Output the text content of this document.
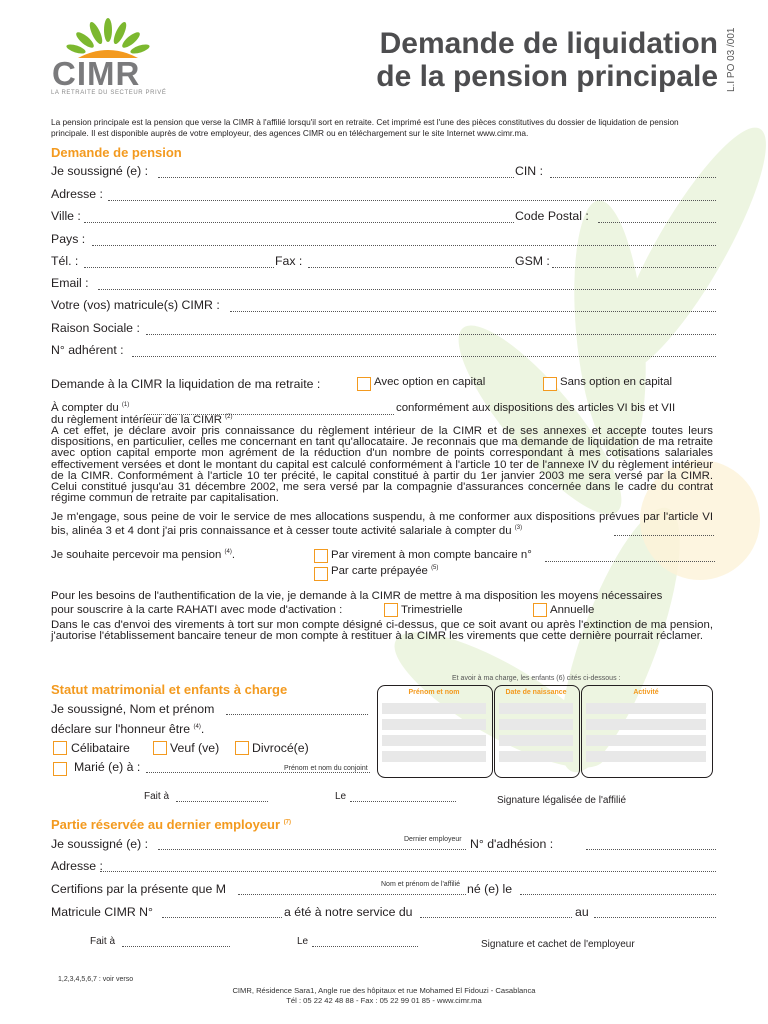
CIMR
LA RETRAITE DU SECTEUR PRIVÉ
Demande de liquidation
de la pension principale L.I PO 03 /001
La pension principale est la pension que verse la CIMR à l'affilié lorsqu'il sort en retraite. Cet imprimé est l'une des pièces constitutives du dossier de liquidation de pension principale. Il est disponible auprès de votre employeur, des agences CIMR ou en téléchargement sur le site Internet www.cimr.ma.
Demande de pension
Je soussigné (e) :	CIN :
Adresse :
Ville :	Code Postal :
Pays :
Tél. :	Fax :	GSM :
Email :
Votre (vos) matricule(s) CIMR :
Raison Sociale :
N° adhérent :
Demande à la CIMR la liquidation de ma retraite :	Avec option en capital	Sans option en capital
À compter du $^{(1)}$	conformément aux dispositions des articles VI bis et VII
du règlement intérieur de la CIMR $^{(2)}$
A cet effet, je déclare avoir pris connaissance du règlement intérieur de la CIMR et de ses annexes et accepte toutes leurs dispositions, en particulier, celles me concernant en tant qu'allocataire. Je reconnais que ma demande de liquidation de ma retraite avec option capital emporte mon agrément de la réduction d'un nombre de points correspondant à mes cotisations salariales effectivement versées et dont le montant du capital est calculé conformément à l'article 10 ter de l'annexe IV du règlement intérieur de la CIMR. Conformément à l'article 10 ter précité, le capital constitué à partir du 1er janvier 2003 me sera versé par la CIMR. Celui constitué jusqu'au 31 décembre 2002, me sera versé par la compagnie d'assurances concernée dans le cadre du contrat régime commun de retraite par capitalisation.
Je m'engage, sous peine de voir le service de mes allocations suspendu, à me conformer aux dispositions prévues par l'article VI bis, alinéa 3 et 4 dont j'ai pris connaissance et à cesser toute activité salariale à compter du $^{(3)}$
Je souhaite percevoir ma pension $^{(4)}$.	Par virement à mon compte bancaire n°
Par carte prépayée $^{(5)}$
Pour les besoins de l'authentification de la vie, je demande à la CIMR de mettre à ma disposition les moyens nécessaires
pour souscrire à la carte RAHATI avec mode d'activation :	Trimestrielle	Annuelle
Dans le cas d'envoi des virements à tort sur mon compte désigné ci-dessus, que ce soit avant ou après l'extinction de ma pension, j'autorise l'établissement bancaire teneur de mon compte à restituer à la CIMR les virements que cette dernière pourrait réclamer.
Statut matrimonial et enfants à charge
Je soussigné, Nom et prénom
déclare sur l'honneur être $^{(4)}$.
Célibataire	Veuf (ve)	Divrocé(e)
Marié (e) à :	Prénom et nom du conjoint
Et avoir à ma charge, les enfants (6) cités ci-dessous :
Prénom et nom	Date de naissance	Activité
Fait à	Le	Signature légalisée de l'affilié
Partie réservée au dernier employeur $^{(7)}$
Je soussigné (e) :	Dernier employeur N° d'adhésion :
Adresse :
Certifions par la présente que M	Nom et prénom de l'affilié né (e) le
Matricule CIMR N°	a été à notre service du	au
Fait à	Le	Signature et cachet de l'employeur
1,2,3,4,5,6,7 : voir verso
CIMR, Résidence Sara1, Angle rue des hôpitaux et rue Mohamed El Fidouzi - Casablanca
Tél : 05 22 42 48 88 - Fax : 05 22 99 01 85 - www.cimr.ma
